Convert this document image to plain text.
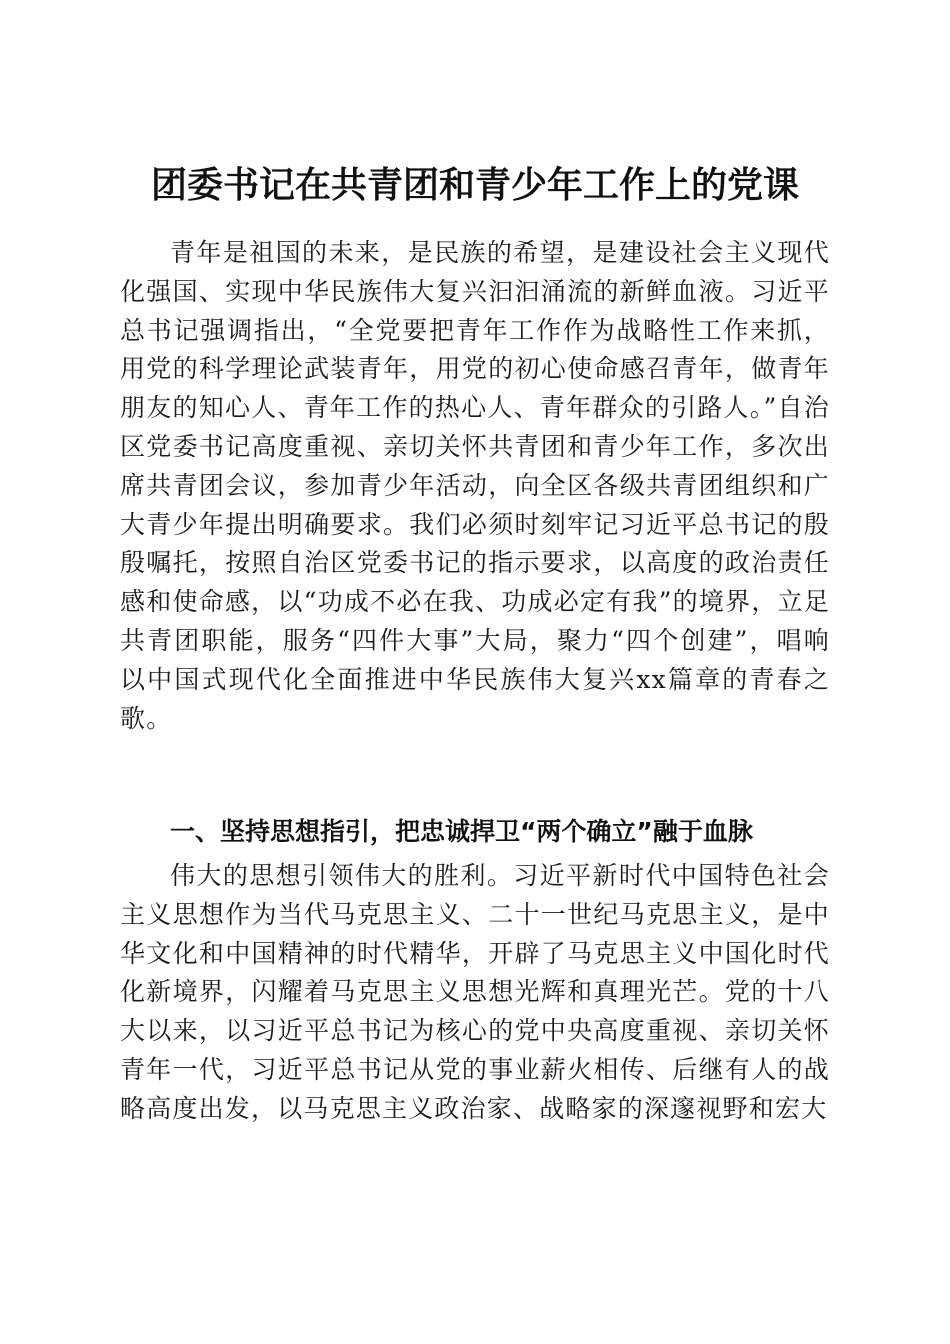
团委书记在共青团和青少年工作上的党课

青年是祖国的未来，是民族的希望，是建设社会主义现代化强国、实现中华民族伟大复兴汩汩涌流的新鲜血液。习近平总书记强调指出，“全党要把青年工作作为战略性工作来抓，用党的科学理论武装青年，用党的初心使命感召青年，做青年朋友的知心人、青年工作的热心人、青年群众的引路人。”自治区党委书记高度重视、亲切关怀共青团和青少年工作，多次出席共青团会议，参加青少年活动，向全区各级共青团组织和广大青少年提出明确要求。我们必须时刻牢记习近平总书记的殷殷嘱托，按照自治区党委书记的指示要求，以高度的政治责任感和使命感，以“功成不必在我、功成必定有我”的境界，立足共青团职能，服务“四件大事”大局，聚力“四个创建”，唱响以中国式现代化全面推进中华民族伟大复兴xx篇章的青春之歌。

一、坚持思想指引，把忠诚捍卫“两个确立”融于血脉

伟大的思想引领伟大的胜利。习近平新时代中国特色社会主义思想作为当代马克思主义、二十一世纪马克思主义，是中华文化和中国精神的时代精华，开辟了马克思主义中国化时代化新境界，闪耀着马克思主义思想光辉和真理光芒。党的十八大以来，以习近平总书记为核心的党中央高度重视、亲切关怀青年一代，习近平总书记从党的事业薪火相传、后继有人的战略高度出发，以马克思主义政治家、战略家的深邃视野和宏大
